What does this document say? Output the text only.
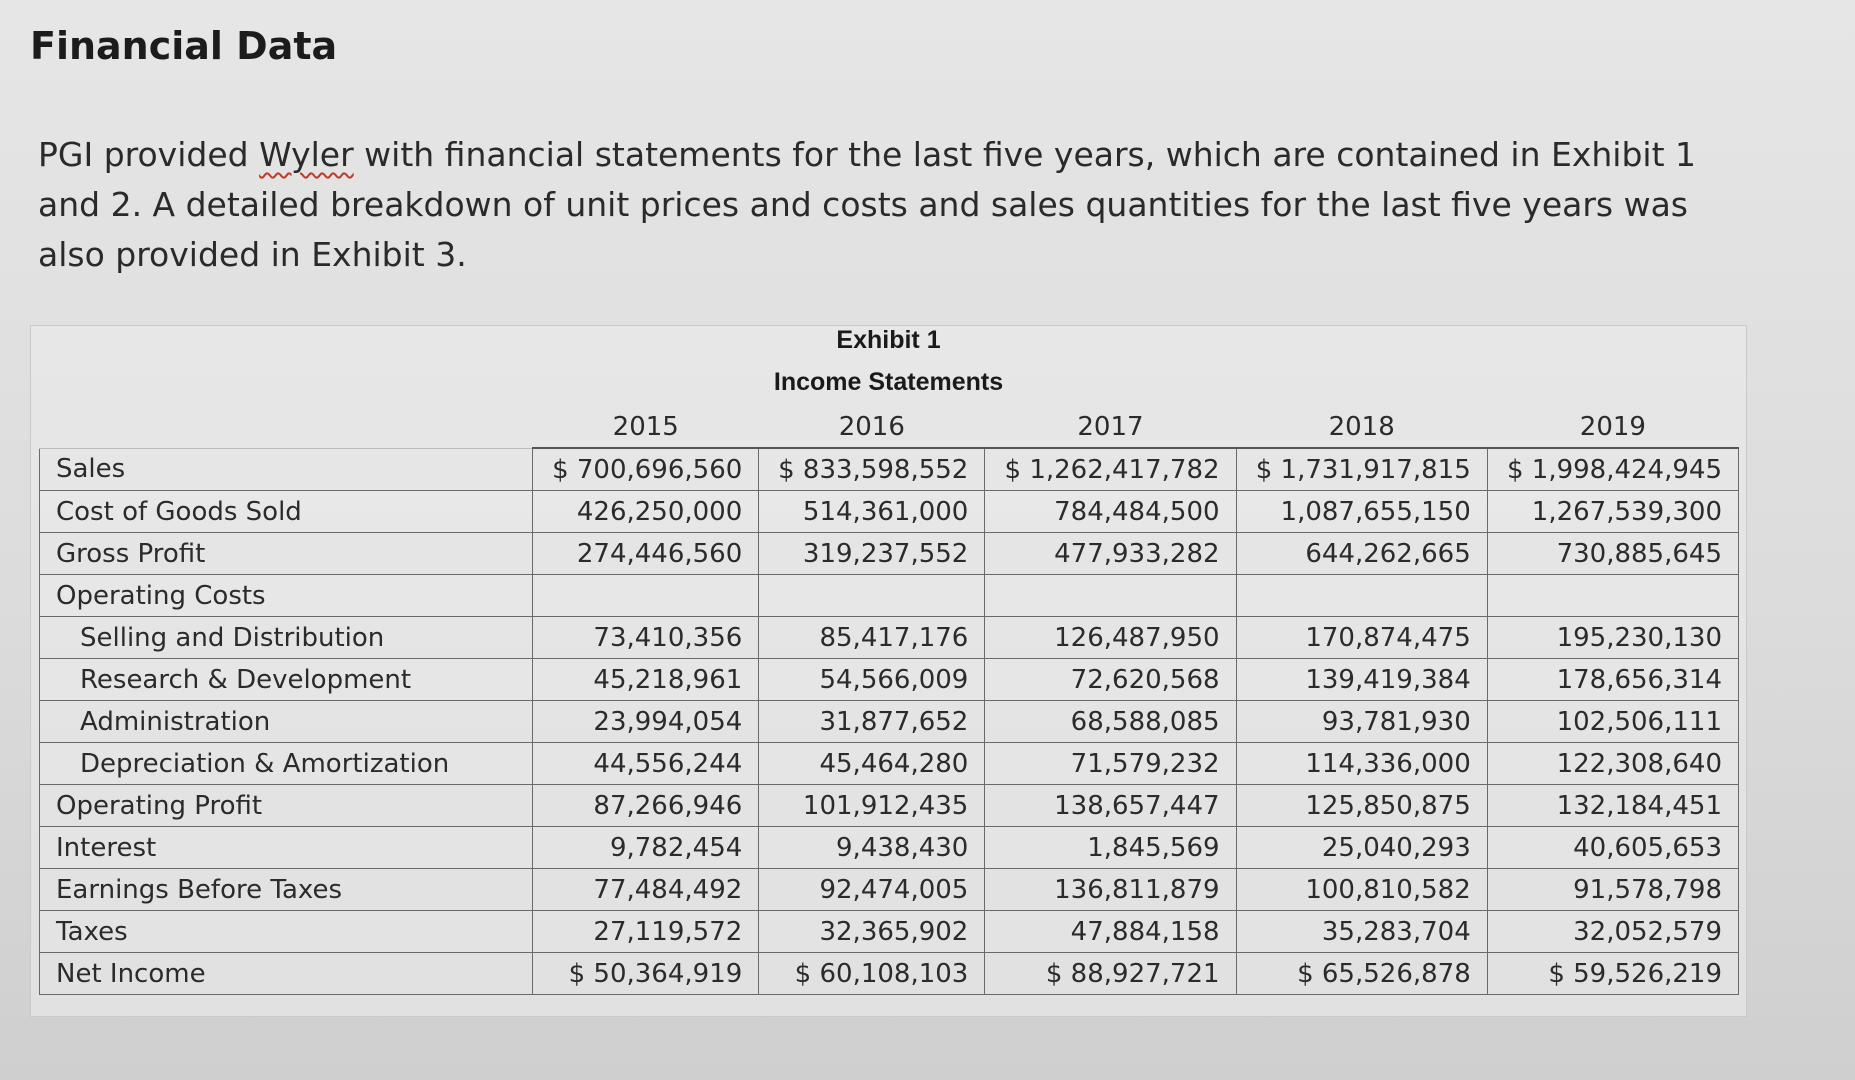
Financial Data
PGI provided Wyler with financial statements for the last five years, which are contained in Exhibit 1 and 2. A detailed breakdown of unit prices and costs and sales quantities for the last five years was also provided in Exhibit 3.
Exhibit 1
Income Statements
	2015	2016	2017	2018	2019
Sales	$ 700,696,560	$ 833,598,552	$ 1,262,417,782	$ 1,731,917,815	$ 1,998,424,945
Cost of Goods Sold	426,250,000	514,361,000	784,484,500	1,087,655,150	1,267,539,300
Gross Profit	274,446,560	319,237,552	477,933,282	644,262,665	730,885,645
Operating Costs					
Selling and Distribution	73,410,356	85,417,176	126,487,950	170,874,475	195,230,130
Research & Development	45,218,961	54,566,009	72,620,568	139,419,384	178,656,314
Administration	23,994,054	31,877,652	68,588,085	93,781,930	102,506,111
Depreciation & Amortization	44,556,244	45,464,280	71,579,232	114,336,000	122,308,640
Operating Profit	87,266,946	101,912,435	138,657,447	125,850,875	132,184,451
Interest	9,782,454	9,438,430	1,845,569	25,040,293	40,605,653
Earnings Before Taxes	77,484,492	92,474,005	136,811,879	100,810,582	91,578,798
Taxes	27,119,572	32,365,902	47,884,158	35,283,704	32,052,579
Net Income	$ 50,364,919	$ 60,108,103	$ 88,927,721	$ 65,526,878	$ 59,526,219
